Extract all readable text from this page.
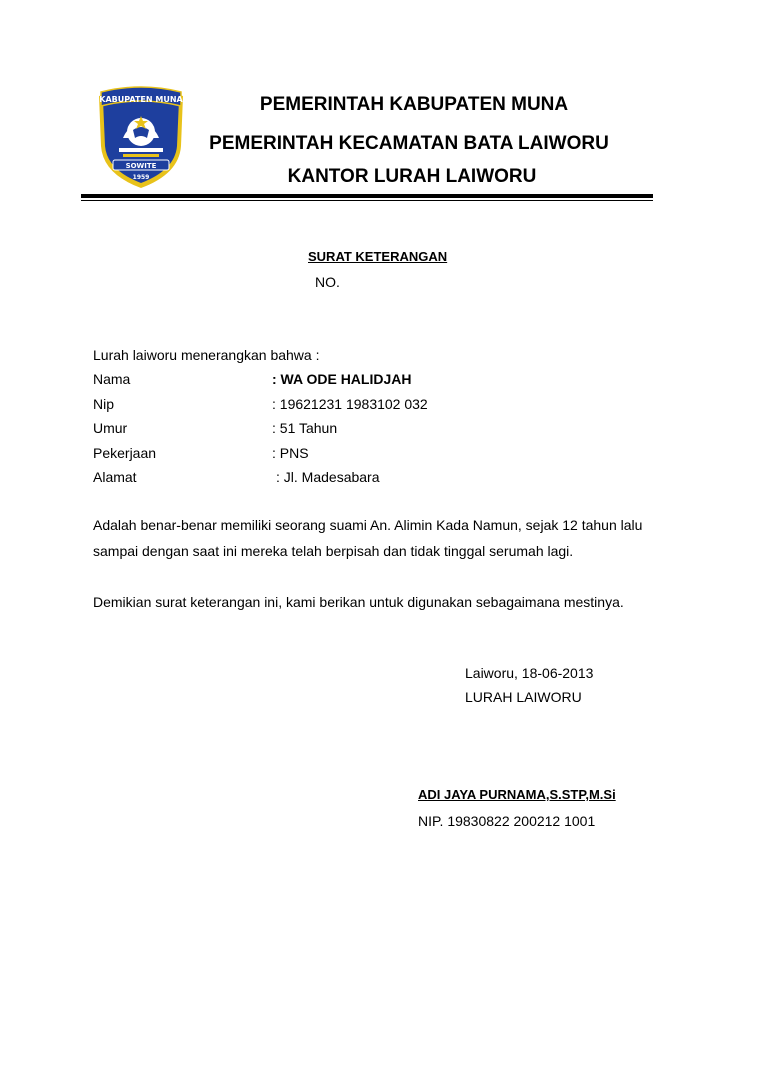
KABUPATEN MUNA
SOWITE
1959
PEMERINTAH KABUPATEN MUNA
PEMERINTAH KECAMATAN BATA LAIWORU
KANTOR LURAH LAIWORU
SURAT KETERANGAN
NO.
Lurah laiworu menerangkan bahwa :
Nama	: WA ODE HALIDJAH
Nip	: 19621231 1983102 032
Umur	: 51 Tahun
Pekerjaan	: PNS
Alamat	: Jl. Madesabara
Adalah benar-benar memiliki seorang suami An. Alimin Kada Namun, sejak 12 tahun lalu
sampai dengan saat ini mereka telah berpisah dan tidak tinggal serumah lagi.
Demikian surat keterangan ini, kami berikan untuk digunakan sebagaimana mestinya.
Laiworu, 18-06-2013
LURAH LAIWORU
ADI JAYA PURNAMA,S.STP,M.Si
NIP. 19830822 200212 1001
